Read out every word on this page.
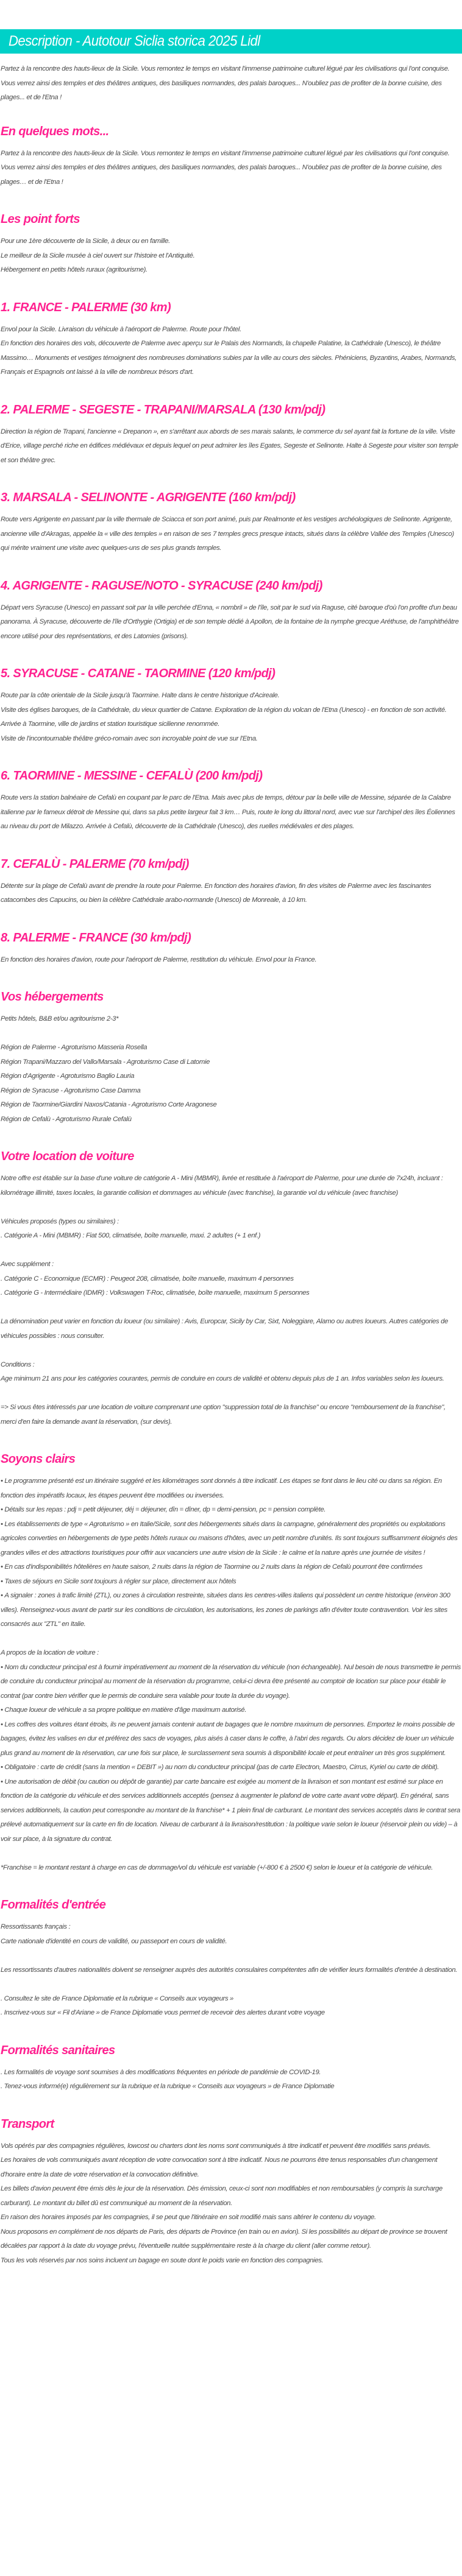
Description - Autotour Siclia storica 2025 Lidl

Partez à la rencontre des hauts-lieux de la Sicile. Vous remontez le temps en visitant l'immense patrimoine culturel légué par les civilisations qui l'ont conquise. Vous verrez ainsi des temples et des théâtres antiques, des basiliques normandes, des palais baroques... N'oubliez pas de profiter de la bonne cuisine, des plages... et de l'Etna !

En quelques mots...

Partez à la rencontre des hauts-lieux de la Sicile. Vous remontez le temps en visitant l'immense patrimoine culturel légué par les civilisations qui l'ont conquise. Vous verrez ainsi des temples et des théâtres antiques, des basiliques normandes, des palais baroques... N'oubliez pas de profiter de la bonne cuisine, des plages… et de l'Etna !

Les point forts

Pour une 1ère découverte de la Sicile, à deux ou en famille.

Le meilleur de la Sicile musée à ciel ouvert sur l'histoire et l'Antiquité.

Hébergement en petits hôtels ruraux (agritourisme).

1. FRANCE - PALERME (30 km)

Envol pour la Sicile. Livraison du véhicule à l'aéroport de Palerme. Route pour l'hôtel.

En fonction des horaires des vols, découverte de Palerme avec aperçu sur le Palais des Normands, la chapelle Palatine, la Cathédrale (Unesco), le théâtre Massimo… Monuments et vestiges témoignent des nombreuses dominations subies par la ville au cours des siècles. Phéniciens, Byzantins, Arabes, Normands, Français et Espagnols ont laissé à la ville de nombreux trésors d'art.

2. PALERME - SEGESTE - TRAPANI/MARSALA (130 km/pdj)

Direction la région de Trapani, l'ancienne « Drepanon », en s'arrêtant aux abords de ses marais salants, le commerce du sel ayant fait la fortune de la ville. Visite d'Erice, village perché riche en édifices médiévaux et depuis lequel on peut admirer les îles Egates, Segeste et Selinonte. Halte à Segeste pour visiter son temple et son théâtre grec.

3. MARSALA - SELINONTE - AGRIGENTE (160 km/pdj)

Route vers Agrigente en passant par la ville thermale de Sciacca et son port animé, puis par Realmonte et les vestiges archéologiques de Selinonte. Agrigente, ancienne ville d'Akragas, appelée la « ville des temples » en raison de ses 7 temples grecs presque intacts, situés dans la célèbre Vallée des Temples (Unesco) qui mérite vraiment une visite avec quelques-uns de ses plus grands temples.

4. AGRIGENTE - RAGUSE/NOTO - SYRACUSE (240 km/pdj)

Départ vers Syracuse (Unesco) en passant soit par la ville perchée d'Enna, « nombril » de l'île, soit par le sud via Raguse, cité baroque d'où l'on profite d'un beau panorama. À Syracuse, découverte de l'île d'Orthygie (Ortigia) et de son temple dédié à Apollon, de la fontaine de la nymphe grecque Aréthuse, de l'amphithéâtre encore utilisé pour des représentations, et des Latomies (prisons).

5. SYRACUSE - CATANE - TAORMINE (120 km/pdj)

Route par la côte orientale de la Sicile jusqu'à Taormine. Halte dans le centre historique d'Acireale.

Visite des églises baroques, de la Cathédrale, du vieux quartier de Catane. Exploration de la région du volcan de l'Etna (Unesco) - en fonction de son activité. Arrivée à Taormine, ville de jardins et station touristique sicilienne renommée.

Visite de l'incontournable théâtre gréco-romain avec son incroyable point de vue sur l'Etna.

6. TAORMINE - MESSINE - CEFALÙ (200 km/pdj)

Route vers la station balnéaire de Cefalù en coupant par le parc de l'Etna. Mais avec plus de temps, détour par la belle ville de Messine, séparée de la Calabre italienne par le fameux détroit de Messine qui, dans sa plus petite largeur fait 3 km… Puis, route le long du littoral nord, avec vue sur l'archipel des îles Éoliennes au niveau du port de Milazzo. Arrivée à Cefalù, découverte de la Cathédrale (Unesco), des ruelles médiévales et des plages.

7. CEFALÙ - PALERME (70 km/pdj)

Détente sur la plage de Cefalù avant de prendre la route pour Palerme. En fonction des horaires d'avion, fin des visites de Palerme avec les fascinantes catacombes des Capucins, ou bien la célèbre Cathédrale arabo-normande (Unesco) de Monreale, à 10 km.

8. PALERME - FRANCE (30 km/pdj)

En fonction des horaires d'avion, route pour l'aéroport de Palerme, restitution du véhicule. Envol pour la France.

Vos hébergements

Petits hôtels, B&B et/ou agritourisme 2-3*

Région de Palerme - Agroturismo Masseria Rosella

Région Trapani/Mazzaro del Vallo/Marsala - Agroturismo Case di Latomie

Région d'Agrigente - Agroturismo Baglio Lauria

Région de Syracuse - Agroturismo Case Damma

Région de Taormine/Giardini Naxos/Catania - Agroturismo Corte Aragonese

Région de Cefalù - Agroturismo Rurale Cefalù

Votre location de voiture

Notre offre est établie sur la base d'une voiture de catégorie A - Mini (MBMR), livrée et restituée à l'aéroport de Palerme, pour une durée de 7x24h, incluant : kilométrage illimité, taxes locales, la garantie collision et dommages au véhicule (avec franchise), la garantie vol du véhicule (avec franchise)

Véhicules proposés (types ou similaires) :

. Catégorie A - Mini (MBMR) : Fiat 500, climatisée, boîte manuelle, maxi. 2 adultes (+ 1 enf.)

Avec supplément :

. Catégorie C - Economique (ECMR) : Peugeot 208, climatisée, boîte manuelle, maximum 4 personnes

. Catégorie G - Intermédiaire (IDMR) : Volkswagen T-Roc, climatisée, boîte manuelle, maximum 5 personnes

La dénomination peut varier en fonction du loueur (ou similaire) : Avis, Europcar, Sicily by Car, Sixt, Noleggiare, Alamo ou autres loueurs. Autres catégories de véhicules possibles : nous consulter.

Conditions :

Age minimum 21 ans pour les catégories courantes, permis de conduire en cours de validité et obtenu depuis plus de 1 an. Infos variables selon les loueurs.

=> Si vous êtes intéressés par une location de voiture comprenant une option "suppression total de la franchise" ou encore "remboursement de la franchise", merci d'en faire la demande avant la réservation, (sur devis).

Soyons clairs

• Le programme présenté est un itinéraire suggéré et les kilométrages sont donnés à titre indicatif. Les étapes se font dans le lieu cité ou dans sa région. En fonction des impératifs locaux, les étapes peuvent être modifiées ou inversées.

• Détails sur les repas : pdj = petit déjeuner, déj = déjeuner, dîn = dîner, dp = demi-pension, pc = pension complète.

• Les établissements de type « Agroturismo » en Italie/Sicile, sont des hébergements situés dans la campagne, généralement des propriétés ou exploitations agricoles converties en hébergements de type petits hôtels ruraux ou maisons d'hôtes, avec un petit nombre d'unités. Ils sont toujours suffisamment éloignés des grandes villes et des attractions touristiques pour offrir aux vacanciers une autre vision de la Sicile : le calme et la nature après une journée de visites !

• En cas d'indisponibilités hôtelières en haute saison, 2 nuits dans la région de Taormine ou 2 nuits dans la région de Cefalù pourront être confirmées

• Taxes de séjours en Sicile sont toujours à régler sur place, directement aux hôtels

• A signaler : zones à trafic limité (ZTL), ou zones à circulation restreinte, situées dans les centres-villes italiens qui possèdent un centre historique (environ 300 villes). Renseignez-vous avant de partir sur les conditions de circulation, les autorisations, les zones de parkings afin d'éviter toute contravention. Voir les sites consacrés aux "ZTL" en Italie.

A propos de la location de voiture :

• Nom du conducteur principal est à fournir impérativement au moment de la réservation du véhicule (non échangeable). Nul besoin de nous transmettre le permis de conduire du conducteur principal au moment de la réservation du programme, celui-ci devra être présenté au comptoir de location sur place pour établir le contrat (par contre bien vérifier que le permis de conduire sera valable pour toute la durée du voyage).

• Chaque loueur de véhicule a sa propre politique en matière d'âge maximum autorisé.

• Les coffres des voitures étant étroits, ils ne peuvent jamais contenir autant de bagages que le nombre maximum de personnes. Emportez le moins possible de bagages, évitez les valises en dur et préférez des sacs de voyages, plus aisés à caser dans le coffre, à l'abri des regards. Ou alors décidez de louer un véhicule plus grand au moment de la réservation, car une fois sur place, le surclassement sera soumis à disponibilité locale et peut entraîner un très gros supplément.

• Obligatoire : carte de crédit (sans la mention « DEBIT ») au nom du conducteur principal (pas de carte Electron, Maestro, Cirrus, Kyriel ou carte de débit).

• Une autorisation de débit (ou caution ou dépôt de garantie) par carte bancaire est exigée au moment de la livraison et son montant est estimé sur place en fonction de la catégorie du véhicule et des services additionnels acceptés (pensez à augmenter le plafond de votre carte avant votre départ). En général, sans services additionnels, la caution peut correspondre au montant de la franchise* + 1 plein final de carburant. Le montant des services acceptés dans le contrat sera prélevé automatiquement sur la carte en fin de location. Niveau de carburant à la livraison/restitution : la politique varie selon le loueur (réservoir plein ou vide) – à voir sur place, à la signature du contrat.

*Franchise = le montant restant à charge en cas de dommage/vol du véhicule est variable (+/-800 € à 2500 €) selon le loueur et la catégorie de véhicule.

Formalités d'entrée

Ressortissants français :

Carte nationale d'identité en cours de validité, ou passeport en cours de validité.

Les ressortissants d'autres nationalités doivent se renseigner auprès des autorités consulaires compétentes afin de vérifier leurs formalités d'entrée à destination.

. Consultez le site de France Diplomatie et la rubrique « Conseils aux voyageurs »

. Inscrivez-vous sur « Fil d'Ariane » de France Diplomatie vous permet de recevoir des alertes durant votre voyage

Formalités sanitaires

. Les formalités de voyage sont soumises à des modifications fréquentes en période de pandémie de COVID-19.

. Tenez-vous informé(e) régulièrement sur la rubrique et la rubrique « Conseils aux voyageurs » de France Diplomatie

Transport

Vols opérés par des compagnies régulières, lowcost ou charters dont les noms sont communiqués à titre indicatif et peuvent être modifiés sans préavis.

Les horaires de vols communiqués avant réception de votre convocation sont à titre indicatif. Nous ne pourrons être tenus responsables d'un changement d'horaire entre la date de votre réservation et la convocation définitive.

Les billets d'avion peuvent être émis dès le jour de la réservation. Dès émission, ceux-ci sont non modifiables et non remboursables (y compris la surcharge carburant). Le montant du billet dû est communiqué au moment de la réservation.

En raison des horaires imposés par les compagnies, il se peut que l'itinéraire en soit modifié mais sans altérer le contenu du voyage.

Nous proposons en complément de nos départs de Paris, des départs de Province (en train ou en avion). Si les possibilités au départ de province se trouvent décalées par rapport à la date du voyage prévu, l'éventuelle nuitée supplémentaire reste à la charge du client (aller comme retour).

Tous les vols réservés par nos soins incluent un bagage en soute dont le poids varie en fonction des compagnies.
